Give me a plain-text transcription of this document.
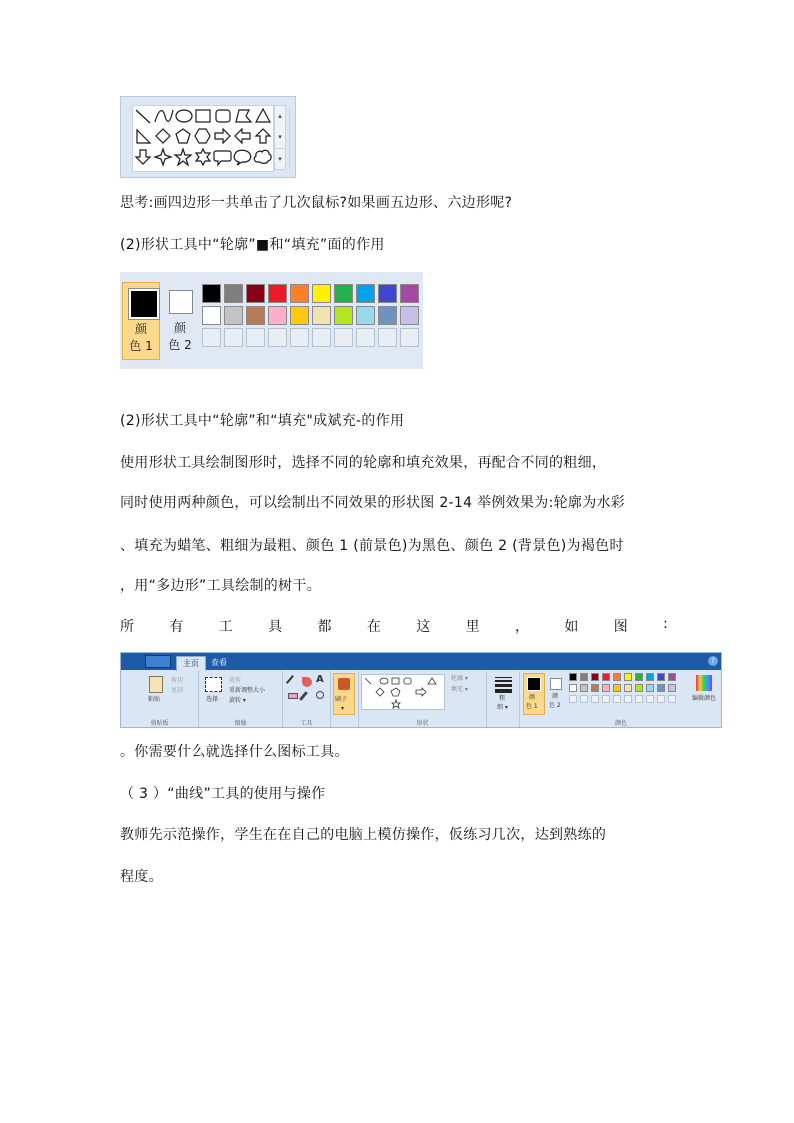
▴
▾
▾
思考:画四边形一共单击了几次鼠标?如果画五边形、六边形呢?
(2)形状工具中“轮廓”■和“填充”面的作用
颜
色 1
颜
色 2
(2)形状工具中“轮廓”和“填充"成斌充-的作用
使用形状工具绘制图形时，选择不同的轮廓和填充效果，再配合不同的粗细，
同时使用两种颜色，可以绘制出不同效果的形状图 2-14 举例效果为:轮廓为水彩
、填充为蜡笔、粗细为最粗、颜色 1 (前景色)为黑色、颜色 2 (背景色)为褐色时
，用“多边形”工具绘制的树干。
所	有	工	具	都	在	这	里	，	如	图	:
主页	查看	?
粘贴
剪切
复制
剪贴板
选择
裁剪
重新调整大小
旋转 ▾
图像
A
工具
刷子
▾
轮廓 ▾
填充 ▾
形状
粗
细 ▾
颜
色 1
颜
色 2
编辑颜色
颜色
。你需要什么就选择什么图标工具。
（ 3 ）“曲线”工具的使用与操作
教师先示范操作，学生在在自己的电脑上模仿操作，仮练习几次，达到熟练的
程度。
